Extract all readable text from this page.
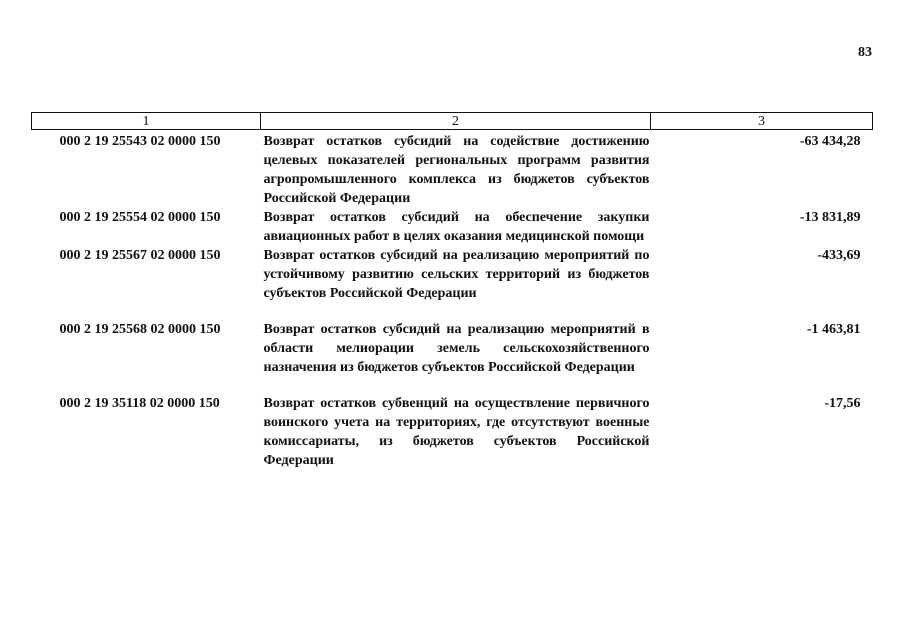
83
1	2	3
000 2 19 25543 02 0000 150	Возврат остатков субсидий на содействие достижению целевых показателей региональных программ развития агропромышленного комплекса из бюджетов субъектов Российской Федерации	-63 434,28
000 2 19 25554 02 0000 150	Возврат остатков субсидий на обеспечение закупки авиационных работ в целях оказания медицинской помощи	-13 831,89
000 2 19 25567 02 0000 150	Возврат остатков субсидий на реализацию мероприятий по устойчивому развитию сельских территорий из бюджетов субъектов Российской Федерации	-433,69
000 2 19 25568 02 0000 150	Возврат остатков субсидий на реализацию мероприятий в области мелиорации земель сельскохозяйственного назначения из бюджетов субъектов Российской Федерации	-1 463,81
000 2 19 35118 02 0000 150	Возврат остатков субвенций на осуществление первичного воинского учета на территориях, где отсутствуют военные комиссариаты, из бюджетов субъектов Российской Федерации	-17,56
